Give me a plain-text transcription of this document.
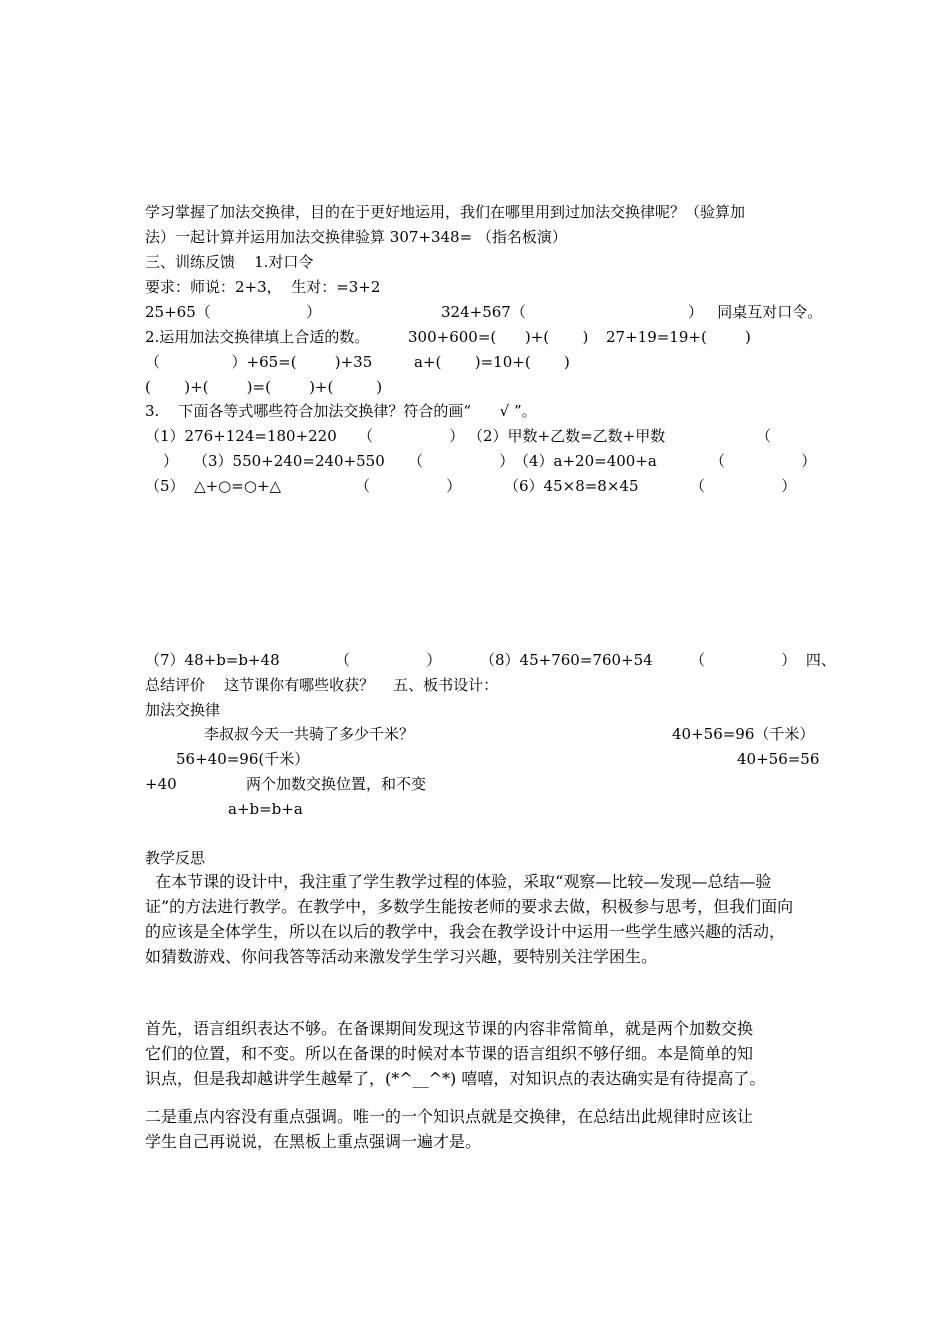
学习掌握了加法交换律，目的在于更好地运用，我们在哪里用到过加法交换律呢？（验算加
法）一起计算并运用加法交换律验算 307+348= （指名板演）
三、训练反馈    1.对口令
要求：师说：2+3，  生对：=3+2
25+65（                    ）	324+567（                                  ）   同桌互对口令。
2.运用加法交换律填上合适的数。	300+600=(      )+(       ) 27+19=19+(        )
（               ）+65=(        )+35	a+(       )=10+(       )
(       )+(        )=(        )+(         )
3.    下面各等式哪些符合加法交换律？符合的画“      √ ”。
（1）276+124=180+220 （                ） （2）甲数+乙数=乙数+甲数	（
） （3）550+240=240+550 （                ） （4）a+20=400+a	（                ）
（5）  △+○=○+△	（                ）	（6）45×8=8×45	（                ）
（7）48+b=b+48	（                ）	（8）45+760=760+54 （                ）  四、
总结评价    这节课你有哪些收获？    五、板书设计：
加法交换律
李叔叔今天一共骑了多少千米？	40+56=96（千米）
56+40=96(千米）	40+56=56
+40	两个加数交换位置，和不变
a+b=b+a
教学反思
在本节课的设计中，我注重了学生教学过程的体验，采取“观察—比较—发现—总结—验
证”的方法进行教学。在教学中，多数学生能按老师的要求去做，积极参与思考，但我们面向
的应该是全体学生，所以在以后的教学中，我会在教学设计中运用一些学生感兴趣的活动，
如猜数游戏、你问我答等活动来激发学生学习兴趣，要特别关注学困生。
首先，语言组织表达不够。在备课期间发现这节课的内容非常简单，就是两个加数交换
它们的位置，和不变。所以在备课的时候对本节课的语言组织不够仔细。本是简单的知
识点，但是我却越讲学生越晕了，(*^__^*) 嘻嘻，对知识点的表达确实是有待提高了。
二是重点内容没有重点强调。唯一的一个知识点就是交换律，在总结出此规律时应该让
学生自己再说说，在黑板上重点强调一遍才是。
